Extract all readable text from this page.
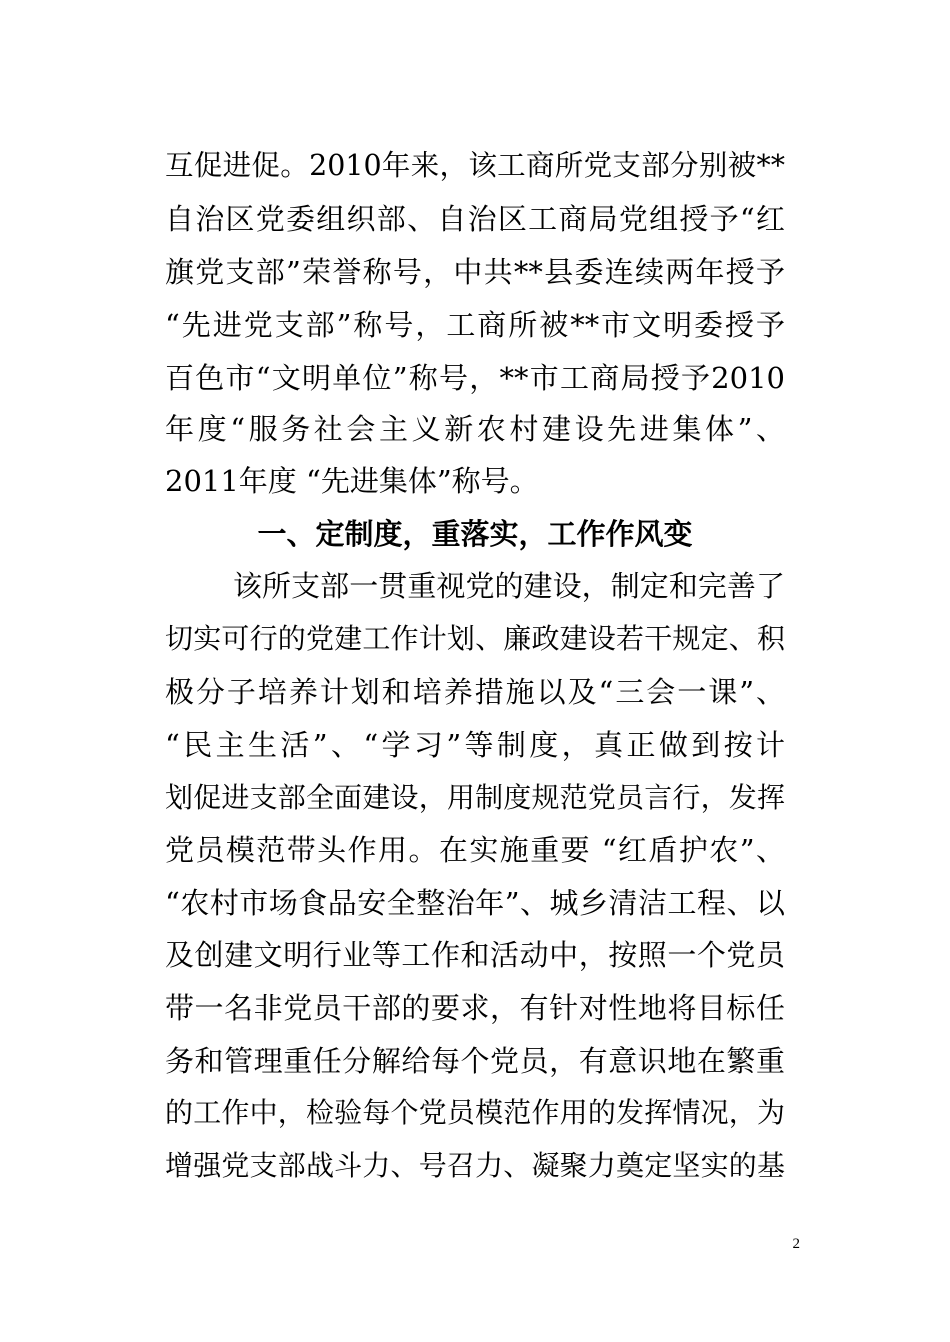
互促进促。2010年来，该工商所党支部分别被**
自治区党委组织部、自治区工商局党组授予“红
旗党支部”荣誉称号，中共**县委连续两年授予
“先进党支部”称号，工商所被**市文明委授予
百色市“文明单位”称号，**市工商局授予2010
年度“服务社会主义新农村建设先进集体”、
2011年度 “先进集体”称号。
一、定制度，重落实，工作作风变
该所支部一贯重视党的建设，制定和完善了
切实可行的党建工作计划、廉政建设若干规定、积
极分子培养计划和培养措施以及“三会一课”、
“民主生活”、“学习”等制度，真正做到按计
划促进支部全面建设，用制度规范党员言行，发挥
党员模范带头作用。在实施重要 “红盾护农”、
“农村市场食品安全整治年”、城乡清洁工程、以
及创建文明行业等工作和活动中，按照一个党员
带一名非党员干部的要求，有针对性地将目标任
务和管理重任分解给每个党员，有意识地在繁重
的工作中，检验每个党员模范作用的发挥情况，为
增强党支部战斗力、号召力、凝聚力奠定坚实的基
2
